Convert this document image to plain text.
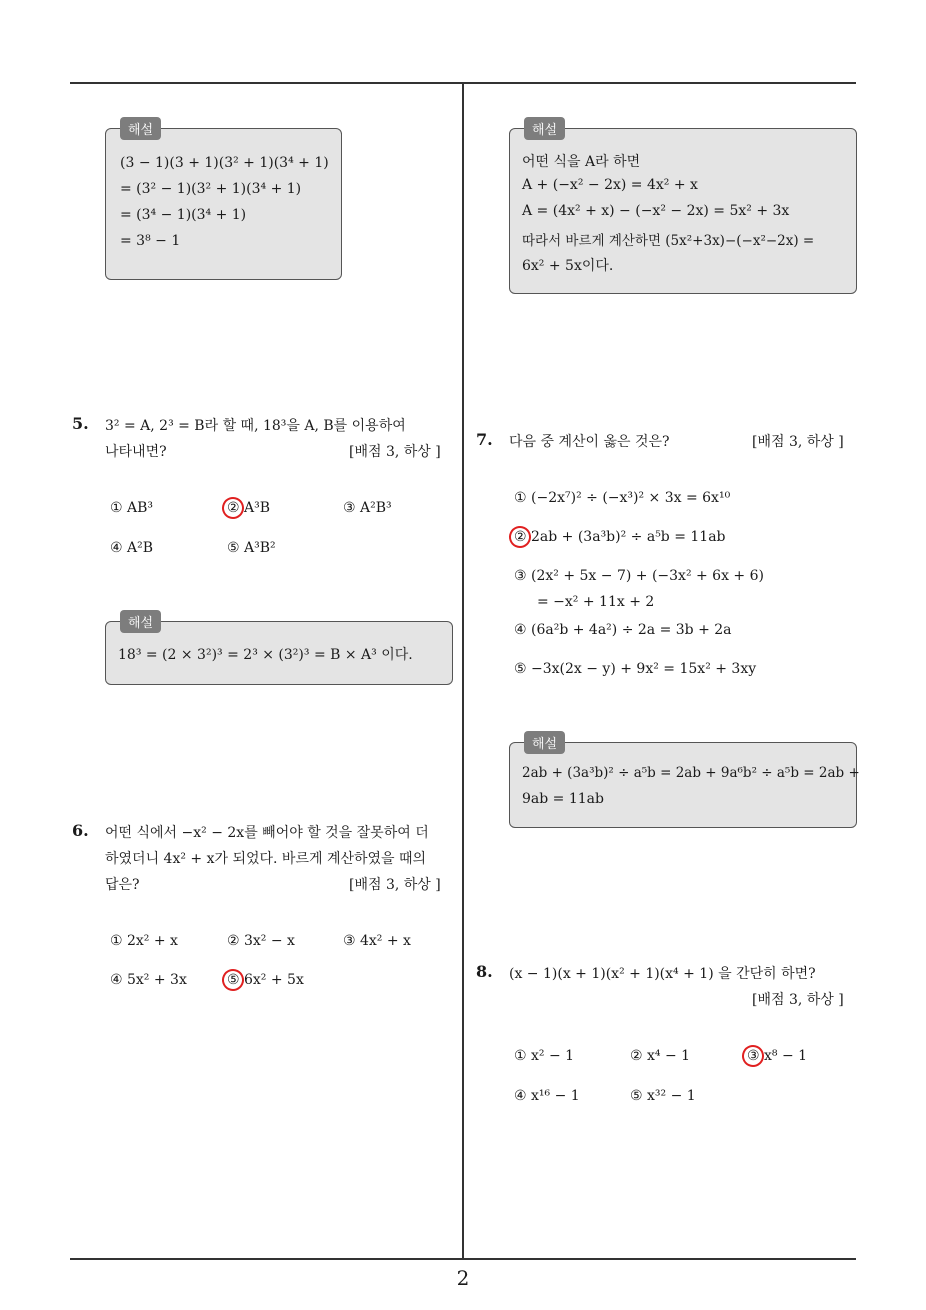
해설
(3 − 1)(3 + 1)(3² + 1)(3⁴ + 1)
= (3² − 1)(3² + 1)(3⁴ + 1)
= (3⁴ − 1)(3⁴ + 1)
= 3⁸ − 1
5. 3² = A, 2³ = B라 할 때, 18³을 A, B를 이용하여
나타내면?	[배점 3, 하상 ]
① AB³	② A³B	③ A²B³
④ A²B	⑤ A³B²
해설
18³ = (2 × 3²)³ = 2³ × (3²)³ = B × A³ 이다.
6. 어떤 식에서 −x² − 2x를 빼어야 할 것을 잘못하여 더
하였더니 4x² + x가 되었다. 바르게 계산하였을 때의
답은?	[배점 3, 하상 ]
① 2x² + x	② 3x² − x	③ 4x² + x
④ 5x² + 3x	⑤ 6x² + 5x
해설
어떤 식을 A라 하면
A + (−x² − 2x) = 4x² + x
A = (4x² + x) − (−x² − 2x) = 5x² + 3x
따라서 바르게 계산하면 (5x²+3x)−(−x²−2x) =
6x² + 5x이다.
7. 다음 중 계산이 옳은 것은?	[배점 3, 하상 ]
① (−2x⁷)² ÷ (−x³)² × 3x = 6x¹⁰
② 2ab + (3a³b)² ÷ a⁵b = 11ab
③ (2x² + 5x − 7) + (−3x² + 6x + 6)
= −x² + 11x + 2
④ (6a²b + 4a²) ÷ 2a = 3b + 2a
⑤ −3x(2x − y) + 9x² = 15x² + 3xy
해설
2ab + (3a³b)² ÷ a⁵b = 2ab + 9a⁶b² ÷ a⁵b = 2ab +
9ab = 11ab
8. (x − 1)(x + 1)(x² + 1)(x⁴ + 1) 을 간단히 하면?
[배점 3, 하상 ]
① x² − 1	② x⁴ − 1	③ x⁸ − 1
④ x¹⁶ − 1	⑤ x³² − 1
2
